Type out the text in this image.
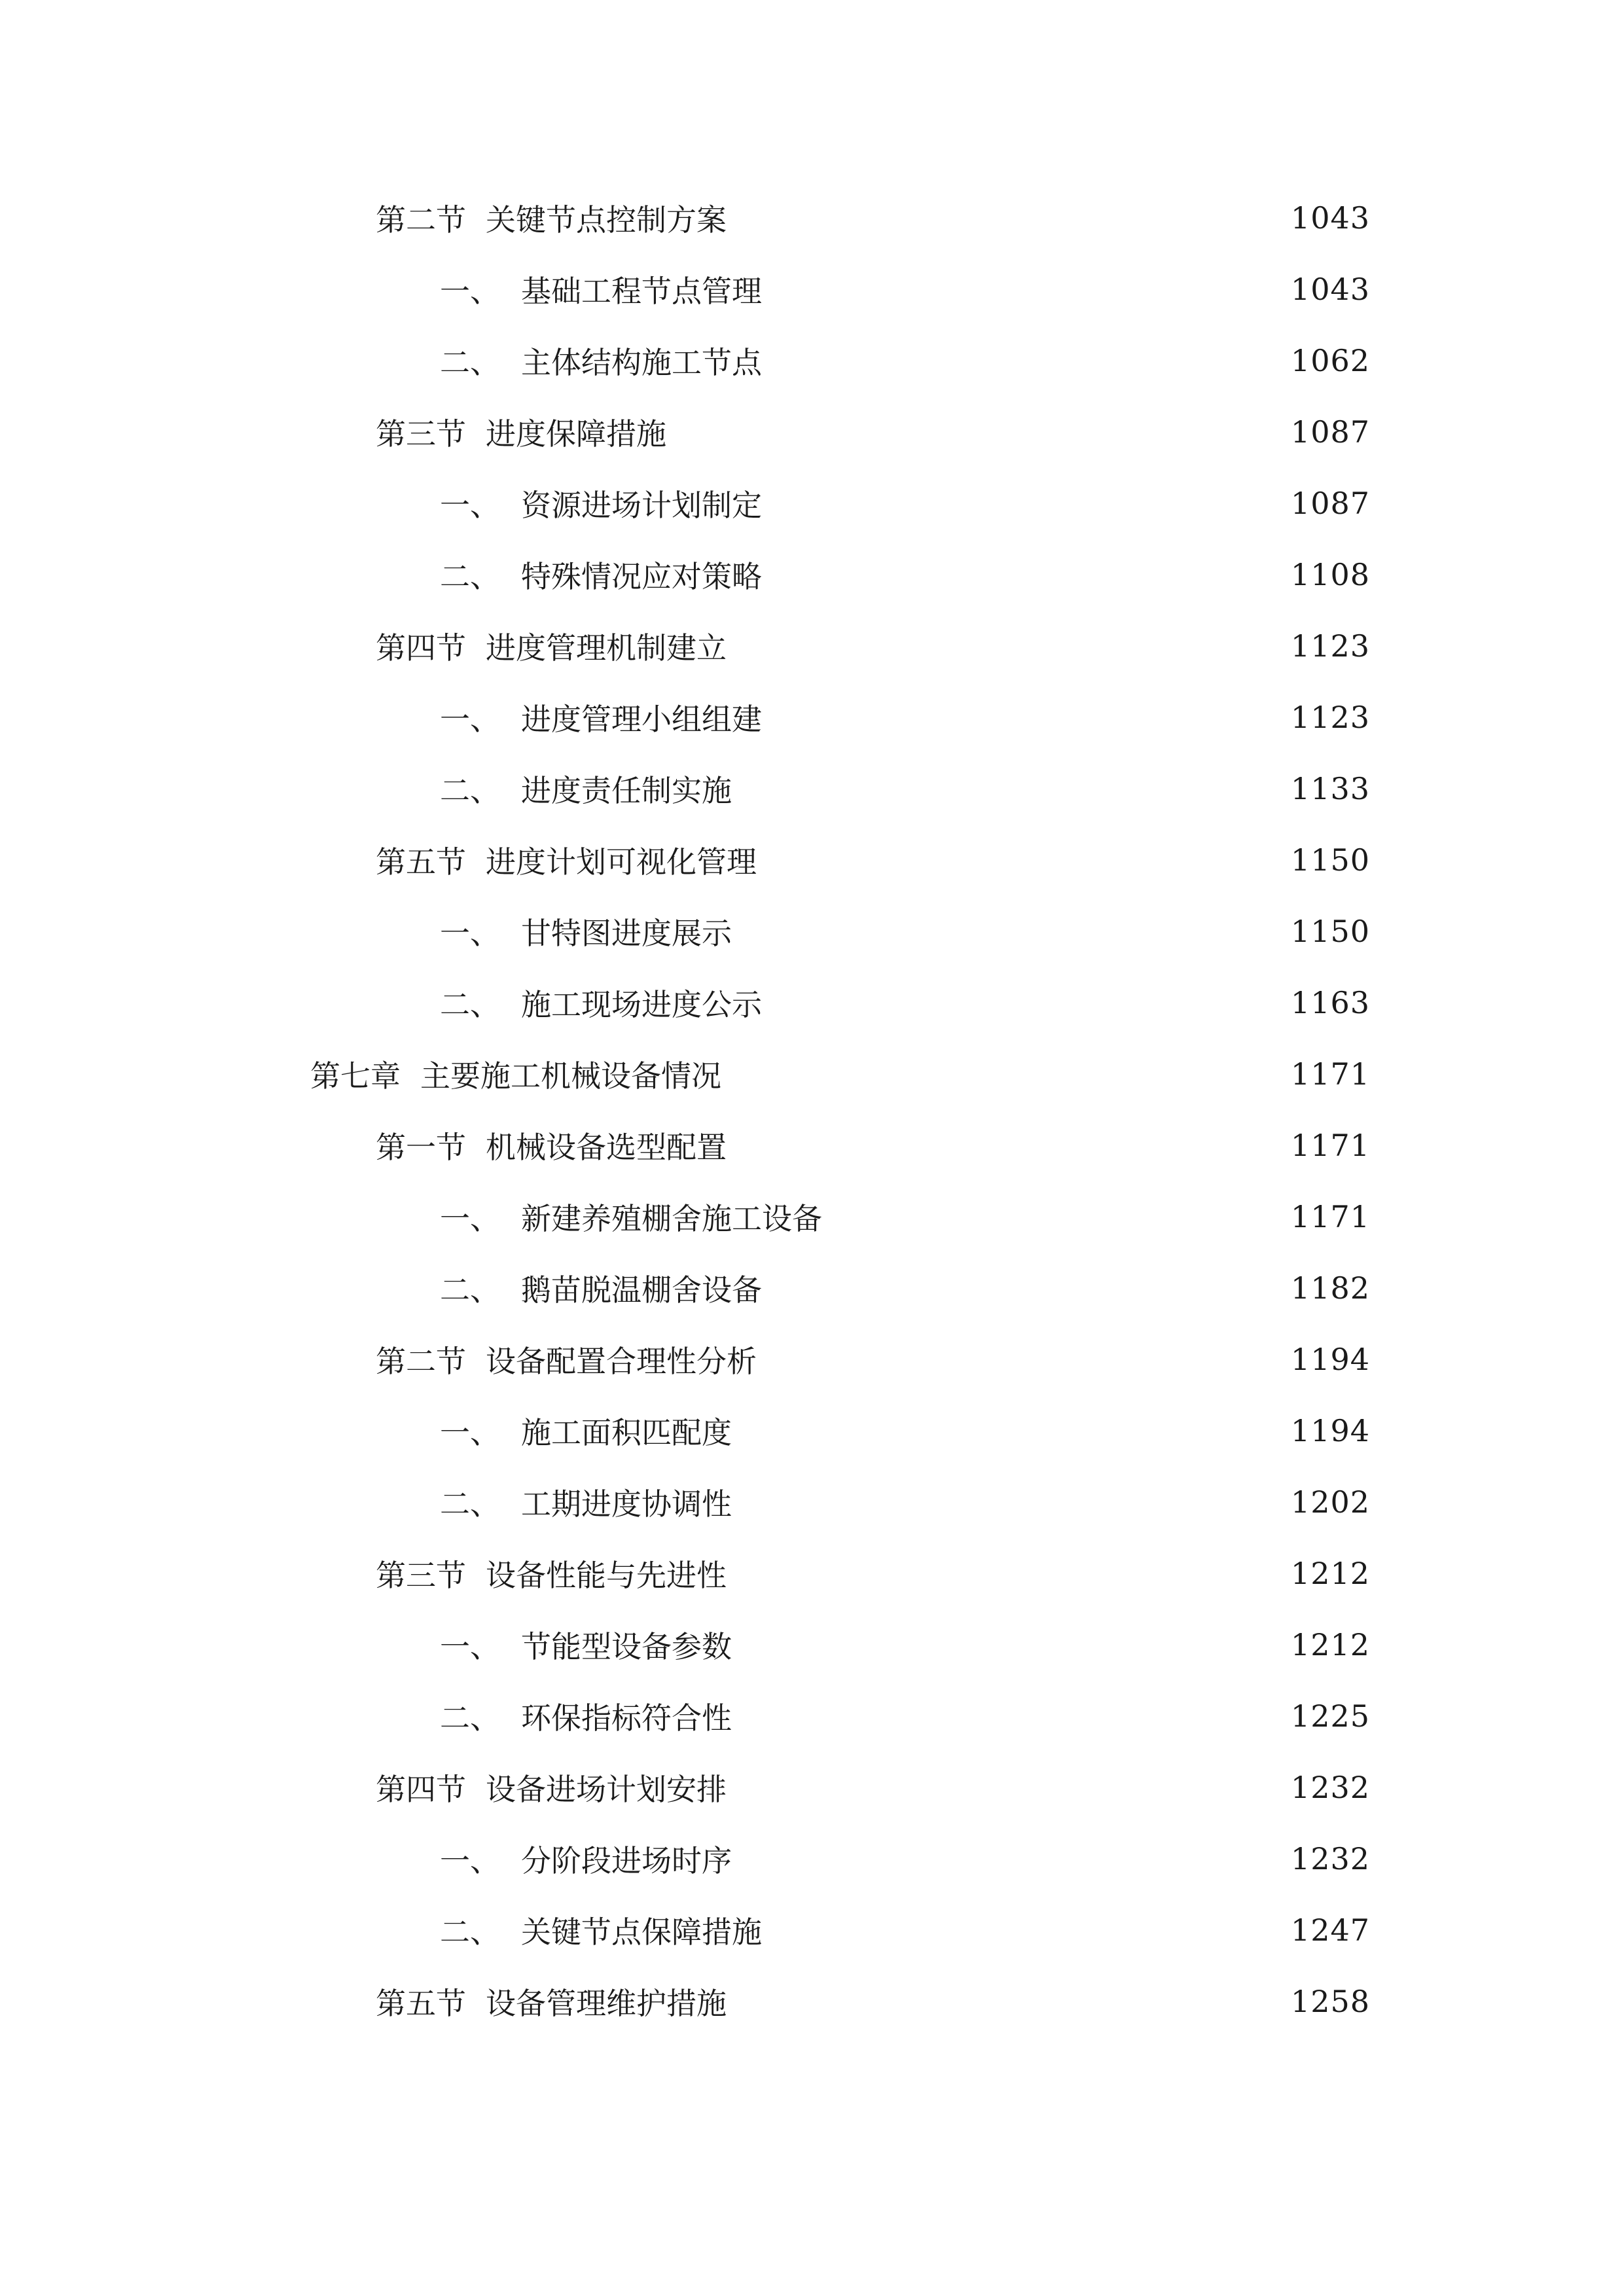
第二节 关键节点控制方案	1043
一、 基础工程节点管理	1043
二、 主体结构施工节点	1062
第三节 进度保障措施	1087
一、 资源进场计划制定	1087
二、 特殊情况应对策略	1108
第四节 进度管理机制建立	1123
一、 进度管理小组组建	1123
二、 进度责任制实施	1133
第五节 进度计划可视化管理	1150
一、 甘特图进度展示	1150
二、 施工现场进度公示	1163
第七章 主要施工机械设备情况	1171
第一节 机械设备选型配置	1171
一、 新建养殖棚舍施工设备	1171
二、 鹅苗脱温棚舍设备	1182
第二节 设备配置合理性分析	1194
一、 施工面积匹配度	1194
二、 工期进度协调性	1202
第三节 设备性能与先进性	1212
一、 节能型设备参数	1212
二、 环保指标符合性	1225
第四节 设备进场计划安排	1232
一、 分阶段进场时序	1232
二、 关键节点保障措施	1247
第五节 设备管理维护措施	1258
